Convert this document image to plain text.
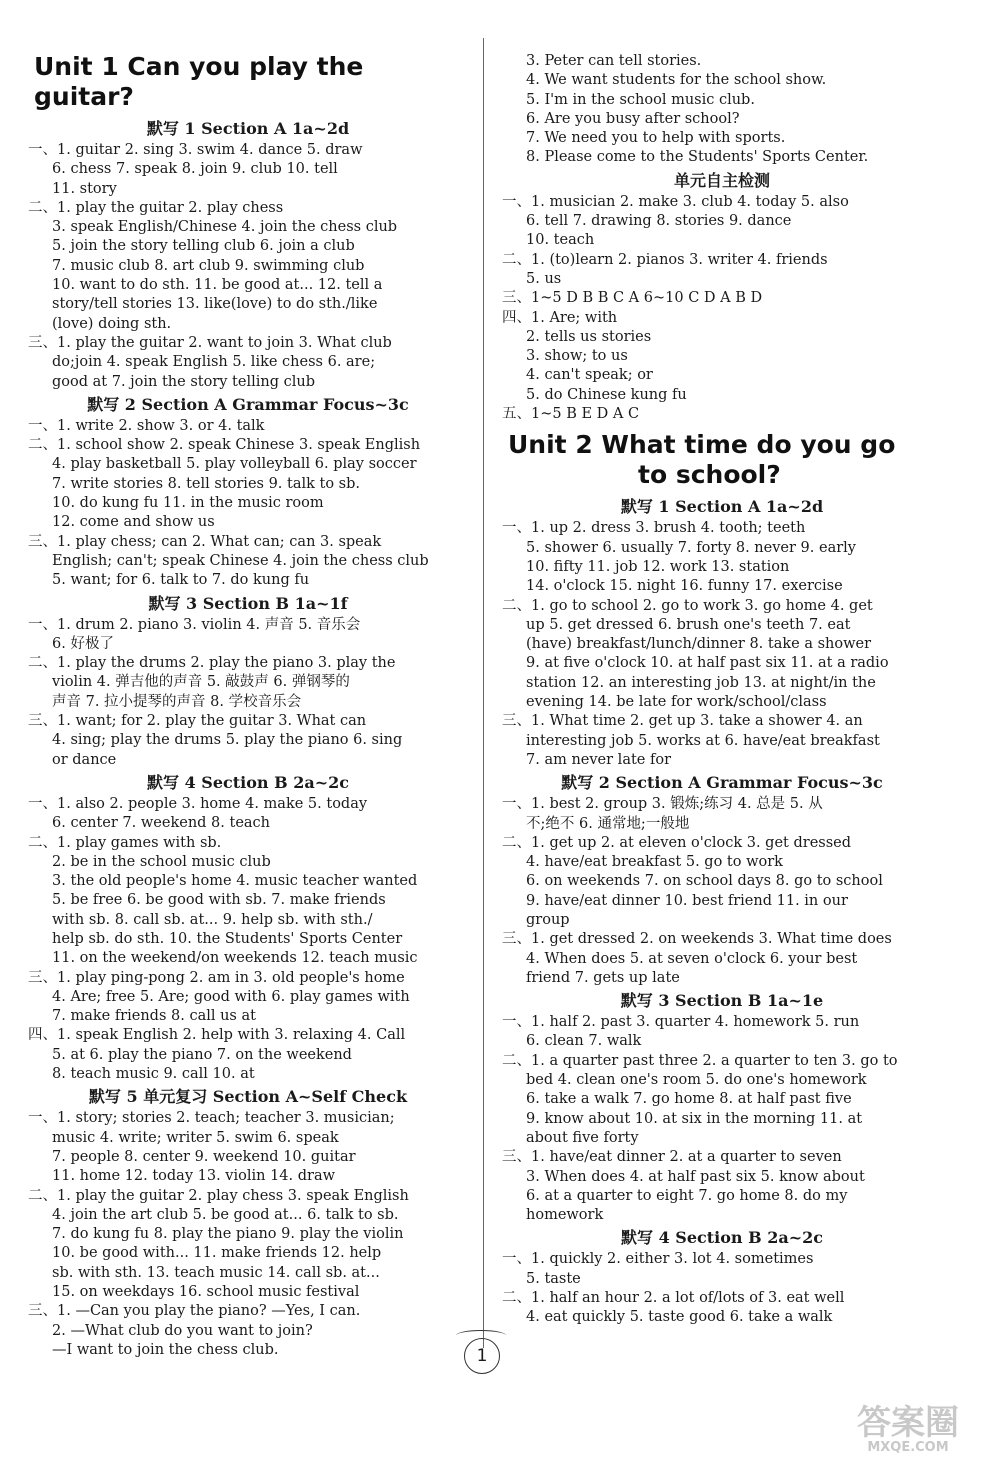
Unit 1 Can you play the guitar?
默写 1 Section A 1a~2d
一、1. guitar 2. sing 3. swim 4. dance 5. draw
6. chess 7. speak 8. join 9. club 10. tell
11. story
二、1. play the guitar 2. play chess
3. speak English/Chinese 4. join the chess club
5. join the story telling club 6. join a club
7. music club 8. art club 9. swimming club
10. want to do sth. 11. be good at... 12. tell a
story/tell stories 13. like(love) to do sth./like
(love) doing sth.
三、1. play the guitar 2. want to join 3. What club
do;join 4. speak English 5. like chess 6. are;
good at 7. join the story telling club
默写 2 Section A Grammar Focus~3c
一、1. write 2. show 3. or 4. talk
二、1. school show 2. speak Chinese 3. speak English
4. play basketball 5. play volleyball 6. play soccer
7. write stories 8. tell stories 9. talk to sb.
10. do kung fu 11. in the music room
12. come and show us
三、1. play chess; can 2. What can; can 3. speak
English; can't; speak Chinese 4. join the chess club
5. want; for 6. talk to 7. do kung fu
默写 3 Section B 1a~1f
一、1. drum 2. piano 3. violin 4. 声音 5. 音乐会
6. 好极了
二、1. play the drums 2. play the piano 3. play the
violin 4. 弹吉他的声音 5. 敲鼓声 6. 弹钢琴的
声音 7. 拉小提琴的声音 8. 学校音乐会
三、1. want; for 2. play the guitar 3. What can
4. sing; play the drums 5. play the piano 6. sing
or dance
默写 4 Section B 2a~2c
一、1. also 2. people 3. home 4. make 5. today
6. center 7. weekend 8. teach
二、1. play games with sb.
2. be in the school music club
3. the old people's home 4. music teacher wanted
5. be free 6. be good with sb. 7. make friends
with sb. 8. call sb. at... 9. help sb. with sth./
help sb. do sth. 10. the Students' Sports Center
11. on the weekend/on weekends 12. teach music
三、1. play ping-pong 2. am in 3. old people's home
4. Are; free 5. Are; good with 6. play games with
7. make friends 8. call us at
四、1. speak English 2. help with 3. relaxing 4. Call
5. at 6. play the piano 7. on the weekend
8. teach music 9. call 10. at
默写 5 单元复习 Section A~Self Check
一、1. story; stories 2. teach; teacher 3. musician;
music 4. write; writer 5. swim 6. speak
7. people 8. center 9. weekend 10. guitar
11. home 12. today 13. violin 14. draw
二、1. play the guitar 2. play chess 3. speak English
4. join the art club 5. be good at... 6. talk to sb.
7. do kung fu 8. play the piano 9. play the violin
10. be good with... 11. make friends 12. help
sb. with sth. 13. teach music 14. call sb. at...
15. on weekdays 16. school music festival
三、1. —Can you play the piano? —Yes, I can.
2. —What club do you want to join?
—I want to join the chess club.
3. Peter can tell stories.
4. We want students for the school show.
5. I'm in the school music club.
6. Are you busy after school?
7. We need you to help with sports.
8. Please come to the Students' Sports Center.
单元自主检测
一、1. musician 2. make 3. club 4. today 5. also
6. tell 7. drawing 8. stories 9. dance
10. teach
二、1. (to)learn 2. pianos 3. writer 4. friends
5. us
三、1~5 D B B C A 6~10 C D A B D
四、1. Are; with
2. tells us stories
3. show; to us
4. can't speak; or
5. do Chinese kung fu
五、1~5 B E D A C
Unit 2 What time do you go
to school?
默写 1 Section A 1a~2d
一、1. up 2. dress 3. brush 4. tooth; teeth
5. shower 6. usually 7. forty 8. never 9. early
10. fifty 11. job 12. work 13. station
14. o'clock 15. night 16. funny 17. exercise
二、1. go to school 2. go to work 3. go home 4. get
up 5. get dressed 6. brush one's teeth 7. eat
(have) breakfast/lunch/dinner 8. take a shower
9. at five o'clock 10. at half past six 11. at a radio
station 12. an interesting job 13. at night/in the
evening 14. be late for work/school/class
三、1. What time 2. get up 3. take a shower 4. an
interesting job 5. works at 6. have/eat breakfast
7. am never late for
默写 2 Section A Grammar Focus~3c
一、1. best 2. group 3. 锻炼;练习 4. 总是 5. 从
不;绝不 6. 通常地;一般地
二、1. get up 2. at eleven o'clock 3. get dressed
4. have/eat breakfast 5. go to work
6. on weekends 7. on school days 8. go to school
9. have/eat dinner 10. best friend 11. in our
group
三、1. get dressed 2. on weekends 3. What time does
4. When does 5. at seven o'clock 6. your best
friend 7. gets up late
默写 3 Section B 1a~1e
一、1. half 2. past 3. quarter 4. homework 5. run
6. clean 7. walk
二、1. a quarter past three 2. a quarter to ten 3. go to
bed 4. clean one's room 5. do one's homework
6. take a walk 7. go home 8. at half past five
9. know about 10. at six in the morning 11. at
about five forty
三、1. have/eat dinner 2. at a quarter to seven
3. When does 4. at half past six 5. know about
6. at a quarter to eight 7. go home 8. do my
homework
默写 4 Section B 2a~2c
一、1. quickly 2. either 3. lot 4. sometimes
5. taste
二、1. half an hour 2. a lot of/lots of 3. eat well
4. eat quickly 5. taste good 6. take a walk
1
答案圈
MXQE.COM
